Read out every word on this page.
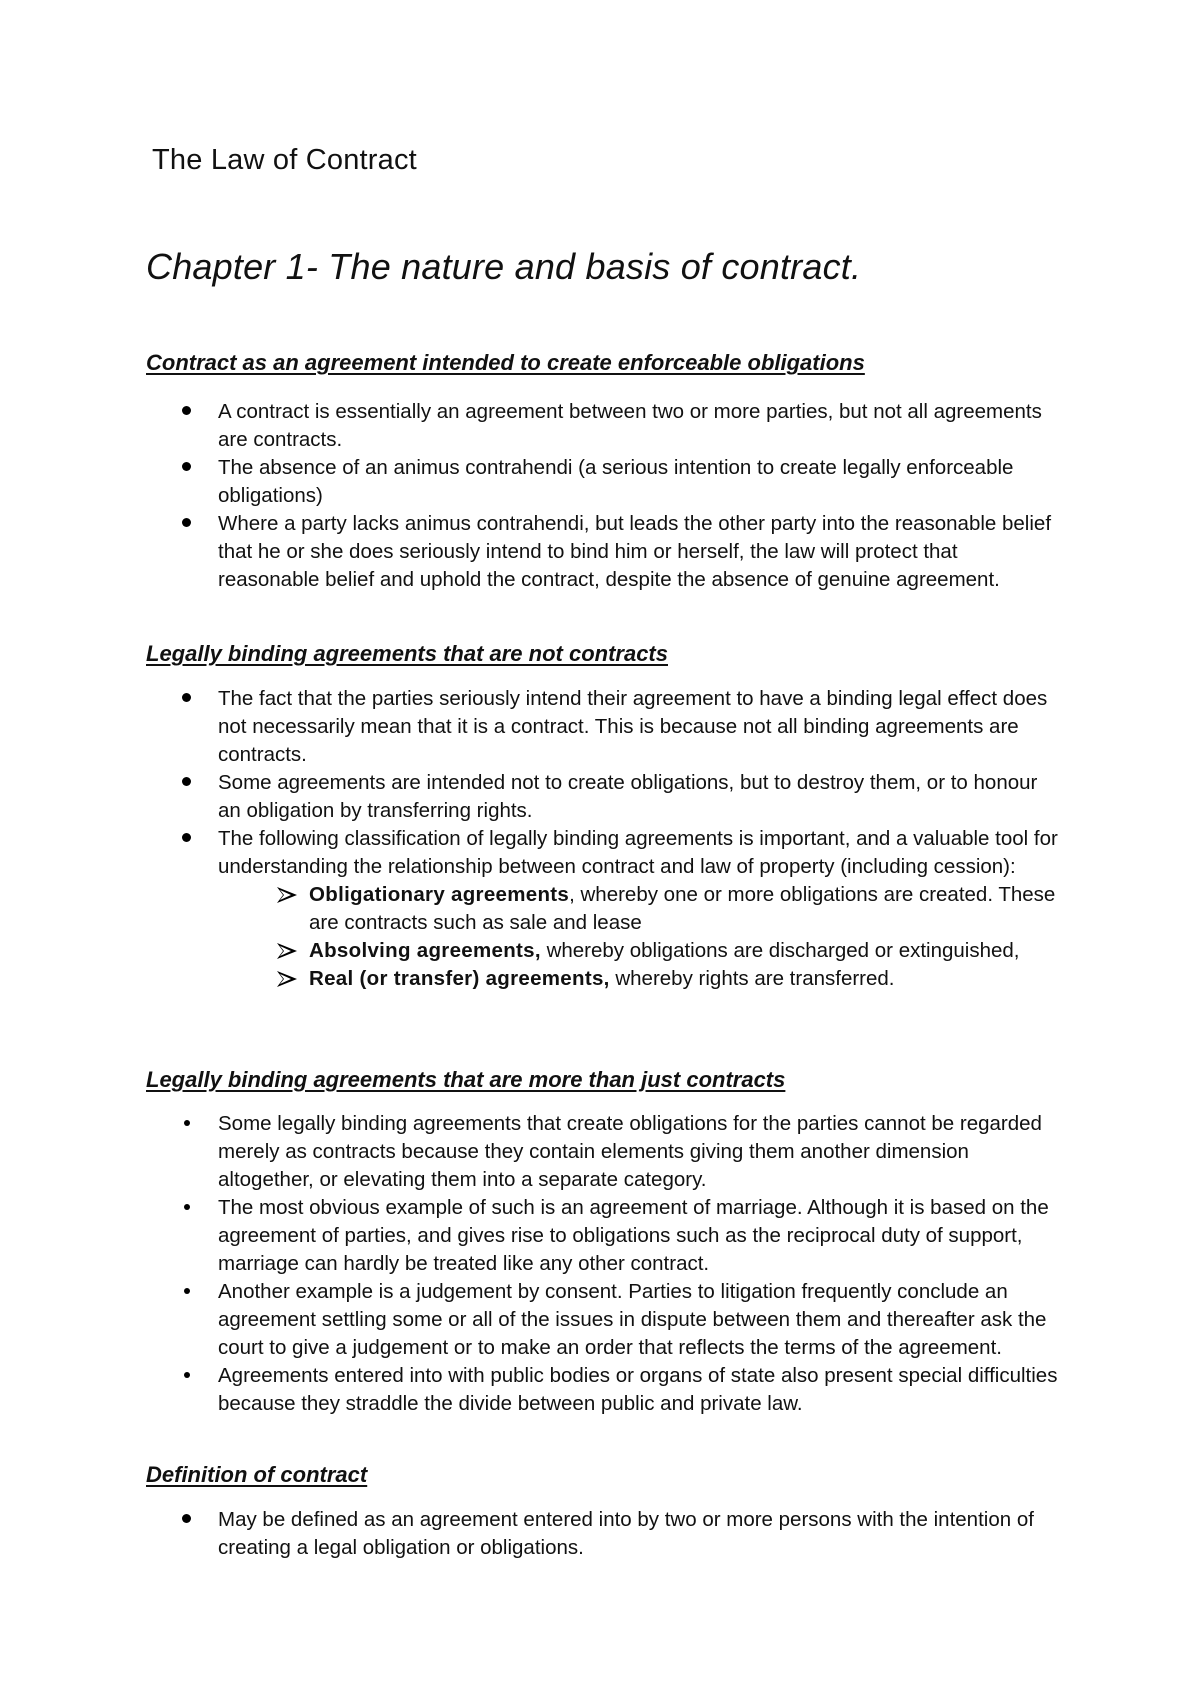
The Law of Contract
Chapter 1- The nature and basis of contract.
Contract as an agreement intended to create enforceable obligations
A contract is essentially an agreement between two or more parties, but not all agreements are contracts.
The absence of an animus contrahendi (a serious intention to create legally enforceable obligations)
Where a party lacks animus contrahendi, but leads the other party into the reasonable belief that he or she does seriously intend to bind him or herself, the law will protect that reasonable belief and uphold the contract, despite the absence of genuine agreement.
Legally binding agreements that are not contracts
The fact that the parties seriously intend their agreement to have a binding legal effect does not necessarily mean that it is a contract. This is because not all binding agreements are contracts.
Some agreements are intended not to create obligations, but to destroy them, or to honour an obligation by transferring rights.
The following classification of legally binding agreements is important, and a valuable tool for understanding the relationship between contract and law of property (including cession):
Obligationary agreements, whereby one or more obligations are created. These are contracts such as sale and lease
Absolving agreements, whereby obligations are discharged or extinguished,
Real (or transfer) agreements, whereby rights are transferred.
Legally binding agreements that are more than just contracts
Some legally binding agreements that create obligations for the parties cannot be regarded merely as contracts because they contain elements giving them another dimension altogether, or elevating them into a separate category.
The most obvious example of such is an agreement of marriage. Although it is based on the agreement of parties, and gives rise to obligations such as the reciprocal duty of support, marriage can hardly be treated like any other contract.
Another example is a judgement by consent. Parties to litigation frequently conclude an agreement settling some or all of the issues in dispute between them and thereafter ask the court to give a judgement or to make an order that reflects the terms of the agreement.
Agreements entered into with public bodies or organs of state also present special difficulties because they straddle the divide between public and private law.
Definition of contract
May be defined as an agreement entered into by two or more persons with the intention of creating a legal obligation or obligations.
